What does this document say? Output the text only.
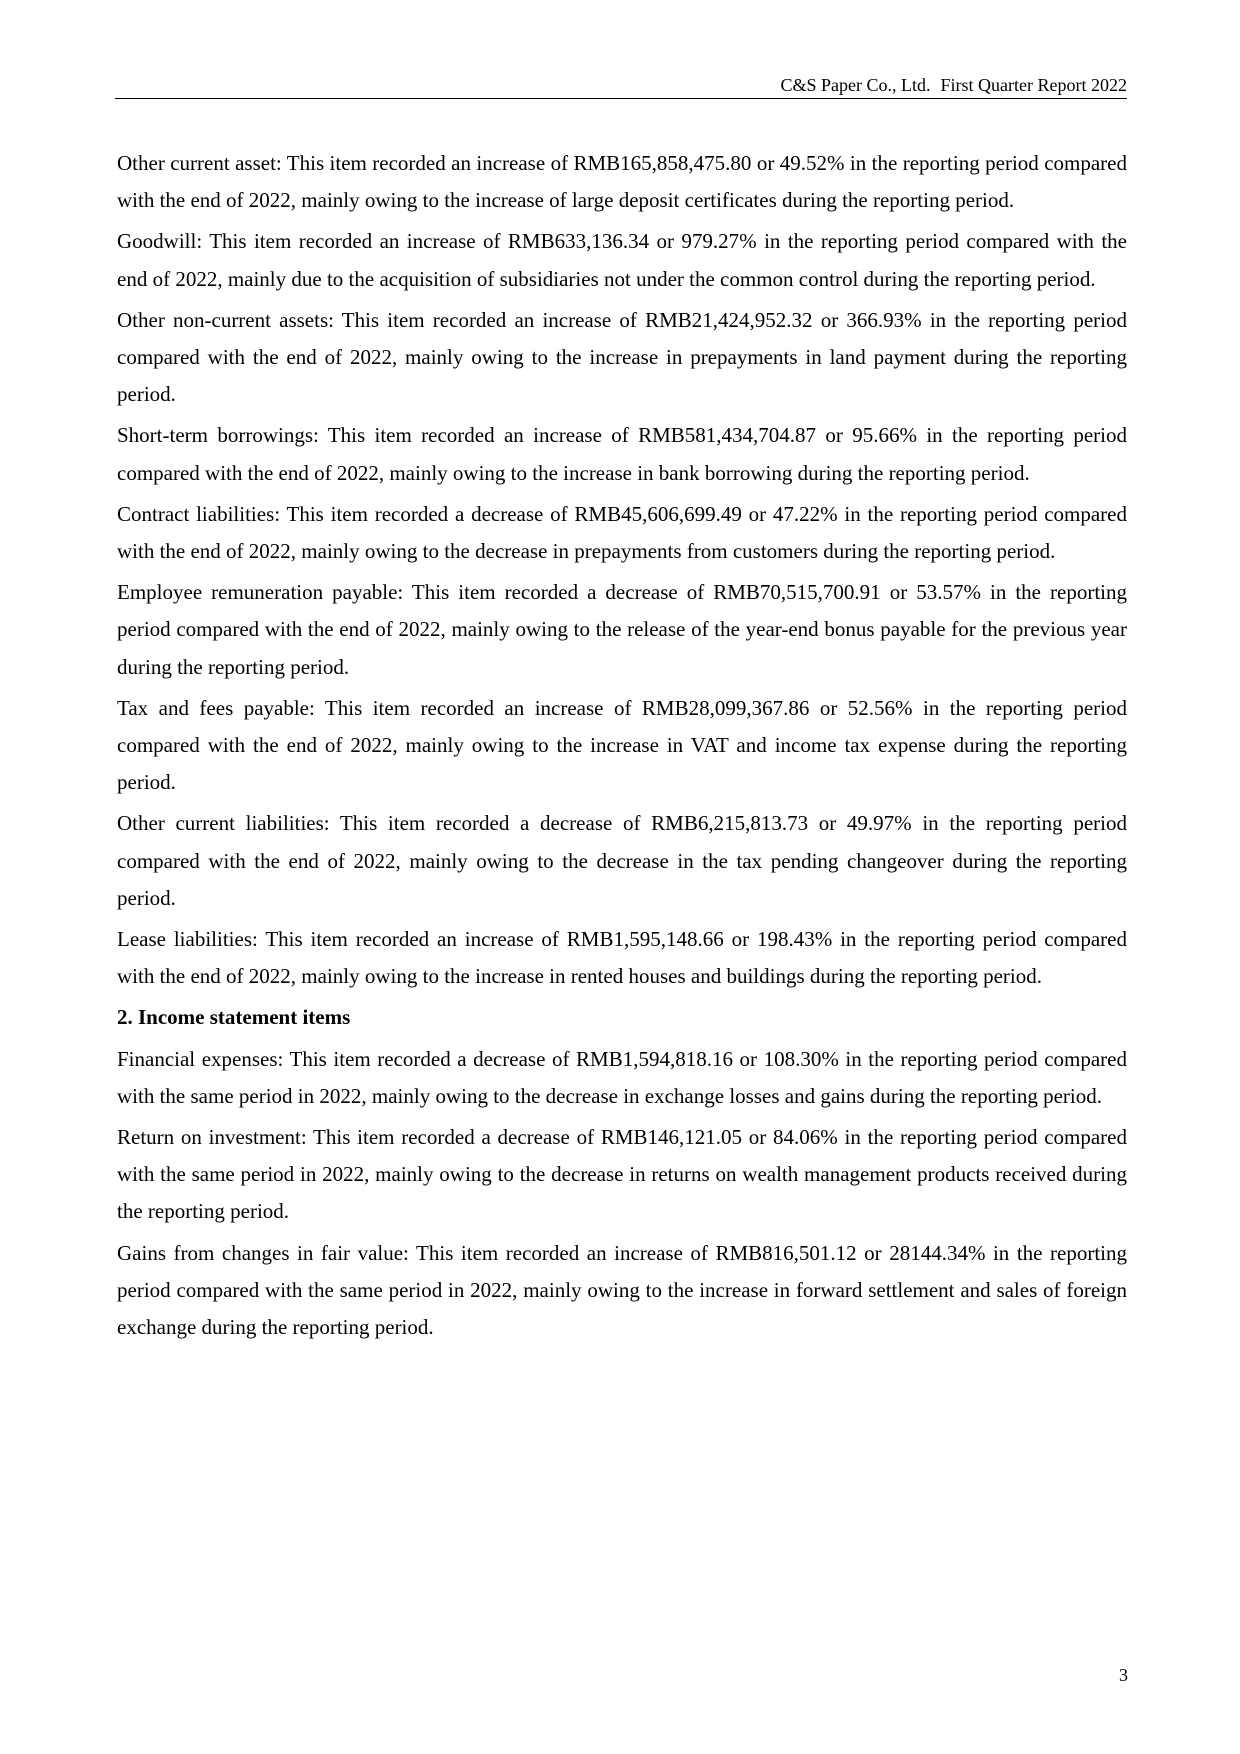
C&S Paper Co., Ltd. First Quarter Report 2022

Other current asset: This item recorded an increase of RMB165,858,475.80 or 49.52% in the reporting period compared with the end of 2022, mainly owing to the increase of large deposit certificates during the reporting period.

Goodwill: This item recorded an increase of RMB633,136.34 or 979.27% in the reporting period compared with the end of 2022, mainly due to the acquisition of subsidiaries not under the common control during the reporting period.

Other non-current assets: This item recorded an increase of RMB21,424,952.32 or 366.93% in the reporting period compared with the end of 2022, mainly owing to the increase in prepayments in land payment during the reporting period.

Short-term borrowings: This item recorded an increase of RMB581,434,704.87 or 95.66% in the reporting period compared with the end of 2022, mainly owing to the increase in bank borrowing during the reporting period.

Contract liabilities: This item recorded a decrease of RMB45,606,699.49 or 47.22% in the reporting period compared with the end of 2022, mainly owing to the decrease in prepayments from customers during the reporting period.

Employee remuneration payable: This item recorded a decrease of RMB70,515,700.91 or 53.57% in the reporting period compared with the end of 2022, mainly owing to the release of the year-end bonus payable for the previous year during the reporting period.

Tax and fees payable: This item recorded an increase of RMB28,099,367.86 or 52.56% in the reporting period compared with the end of 2022, mainly owing to the increase in VAT and income tax expense during the reporting period.

Other current liabilities: This item recorded a decrease of RMB6,215,813.73 or 49.97% in the reporting period compared with the end of 2022, mainly owing to the decrease in the tax pending changeover during the reporting period.

Lease liabilities: This item recorded an increase of RMB1,595,148.66 or 198.43% in the reporting period compared with the end of 2022, mainly owing to the increase in rented houses and buildings during the reporting period.

2. Income statement items

Financial expenses: This item recorded a decrease of RMB1,594,818.16 or 108.30% in the reporting period compared with the same period in 2022, mainly owing to the decrease in exchange losses and gains during the reporting period.

Return on investment: This item recorded a decrease of RMB146,121.05 or 84.06% in the reporting period compared with the same period in 2022, mainly owing to the decrease in returns on wealth management products received during the reporting period.

Gains from changes in fair value: This item recorded an increase of RMB816,501.12 or 28144.34% in the reporting period compared with the same period in 2022, mainly owing to the increase in forward settlement and sales of foreign exchange during the reporting period.

3
